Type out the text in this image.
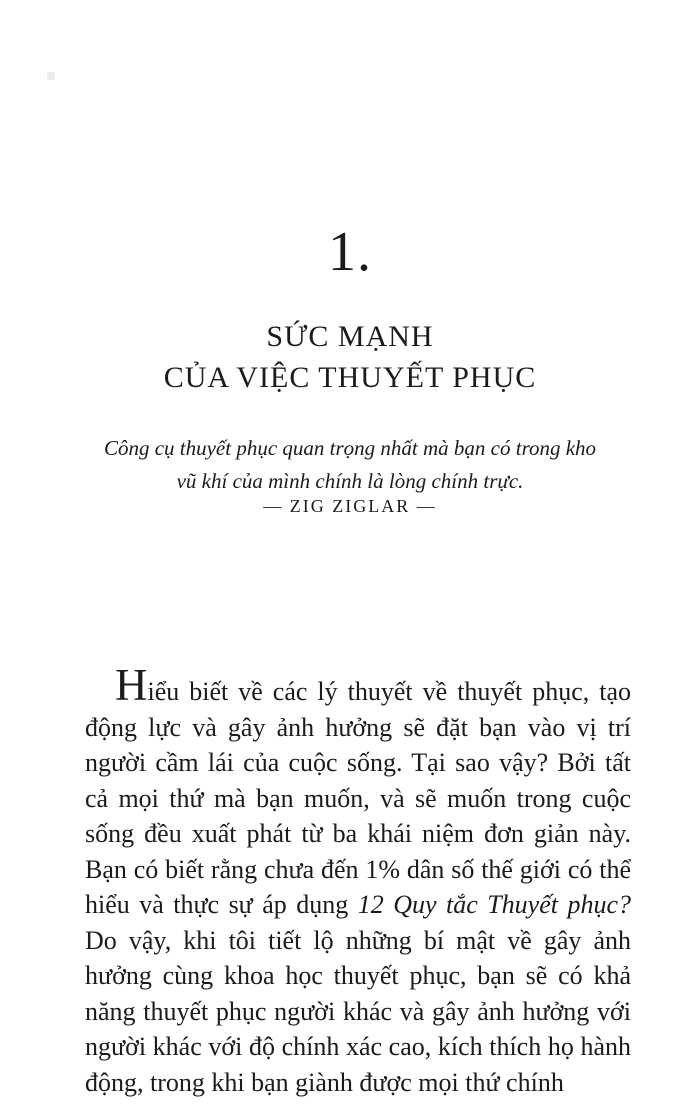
1.
SỨC MẠNH
CỦA VIỆC THUYẾT PHỤC
Công cụ thuyết phục quan trọng nhất mà bạn có trong kho
vũ khí của mình chính là lòng chính trực.
— ZIG ZIGLAR —

Hiểu biết về các lý thuyết về thuyết phục, tạo động lực và gây ảnh hưởng sẽ đặt bạn vào vị trí người cầm lái của cuộc sống. Tại sao vậy? Bởi tất cả mọi thứ mà bạn muốn, và sẽ muốn trong cuộc sống đều xuất phát từ ba khái niệm đơn giản này. Bạn có biết rằng chưa đến 1% dân số thế giới có thể hiểu và thực sự áp dụng 12 Quy tắc Thuyết phục? Do vậy, khi tôi tiết lộ những bí mật về gây ảnh hưởng cùng khoa học thuyết phục, bạn sẽ có khả năng thuyết phục người khác và gây ảnh hưởng với người khác với độ chính xác cao, kích thích họ hành động, trong khi bạn giành được mọi thứ chính
